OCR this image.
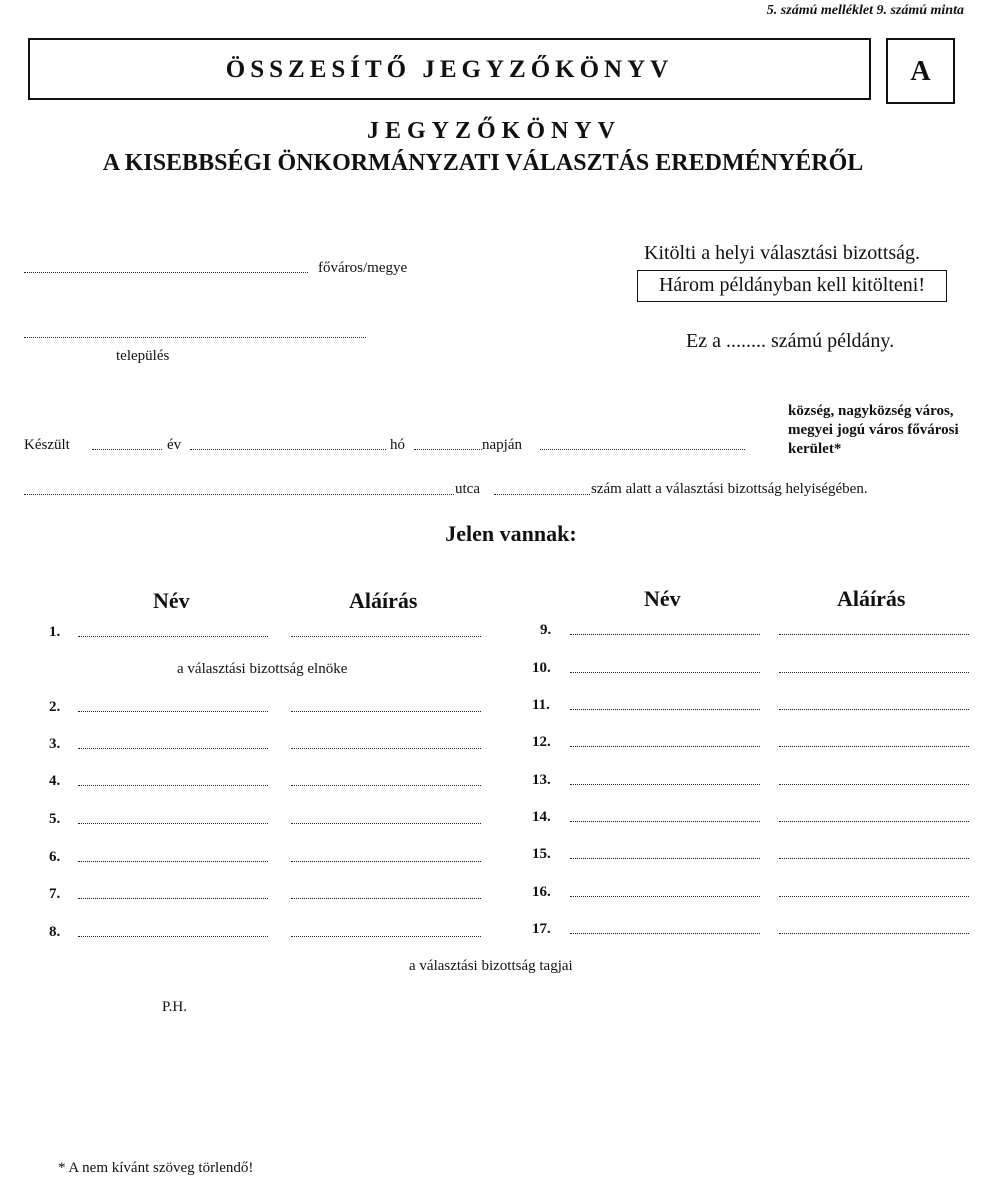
5. számú melléklet 9. számú minta
ÖSSZESÍTŐ JEGYZŐKÖNYV	A
JEGYZŐKÖNYV
A KISEBBSÉGI ÖNKORMÁNYZATI VÁLASZTÁS EREDMÉNYÉRŐL
főváros/megye
település
Kitölti a helyi választási bizottság.
Három példányban kell kitölteni!
Ez a ........ számú példány.
Készült	év	hó	napján
község, nagyközség város, megyei jogú város fővárosi kerület*
utca	szám alatt a választási bizottság helyiségében.
Jelen vannak:
Név	Aláírás	Név	Aláírás
1.
a választási bizottság elnöke
2.
3.
4.
5.
6.
7.
8.
9.
10.
11.
12.
13.
14.
15.
16.
17.
a választási bizottság tagjai
P.H.
* A nem kívánt szöveg törlendő!
